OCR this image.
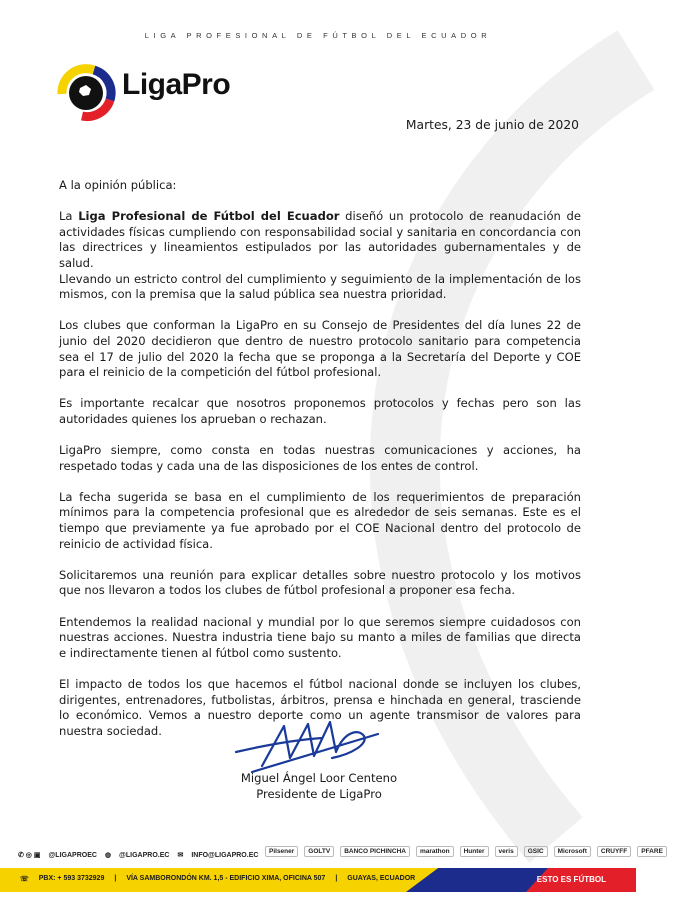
LIGA PROFESIONAL DE FÚTBOL DEL ECUADOR
LigaPro
Martes, 23 de junio de 2020

A la opinión pública:

La Liga Profesional de Fútbol del Ecuador diseñó un protocolo de reanudación de actividades físicas cumpliendo con responsabilidad social y sanitaria en concordancia con las directrices y lineamientos estipulados por las autoridades gubernamentales y de salud.

Llevando un estricto control del cumplimiento y seguimiento de la implementación de los mismos, con la premisa que la salud pública sea nuestra prioridad.

Los clubes que conforman la LigaPro en su Consejo de Presidentes del día lunes 22 de junio del 2020 decidieron que dentro de nuestro protocolo sanitario para competencia sea el 17 de julio del 2020 la fecha que se proponga a la Secretaría del Deporte y COE para el reinicio de la competición del fútbol profesional.

Es importante recalcar que nosotros proponemos protocolos y fechas pero son las autoridades quienes los aprueban o rechazan.

LigaPro siempre, como consta en todas nuestras comunicaciones y acciones, ha respetado todas y cada una de las disposiciones de los entes de control.

La fecha sugerida se basa en el cumplimiento de los requerimientos de preparación mínimos para la competencia profesional que es alrededor de seis semanas. Este es el tiempo que previamente ya fue aprobado por el COE Nacional dentro del protocolo de reinicio de actividad física.

Solicitaremos una reunión para explicar detalles sobre nuestro protocolo y los motivos que nos llevaron a todos los clubes de fútbol profesional a proponer esa fecha.

Entendemos la realidad nacional y mundial por lo que seremos siempre cuidadosos con nuestras acciones. Nuestra industria tiene bajo su manto a miles de familias que directa e indirectamente tienen al fútbol como sustento.

El impacto de todos los que hacemos el fútbol nacional donde se incluyen los clubes, dirigentes, entrenadores, futbolistas, árbitros, prensa e hinchada en general, trasciende lo económico. Vemos a nuestro deporte como un agente transmisor de valores para nuestra sociedad.

Miguel Ángel Loor Centeno
Presidente de LigaPro
✆ ◎ ▣ @LIGAPROEC ◍ @LIGAPRO.EC ✉ INFO@LIGAPRO.EC	Pilsener	GOLTV	BANCO PICHINCHA	marathon	Hunter	veris	GSIC	Microsoft	CRUYFF	PFARE
☏ PBX: + 593 3732929 | VÍA SAMBORONDÓN KM. 1,5 - EDIFICIO XIMA, OFICINA 507 | GUAYAS, ECUADOR	ESTO ES FÚTBOL
